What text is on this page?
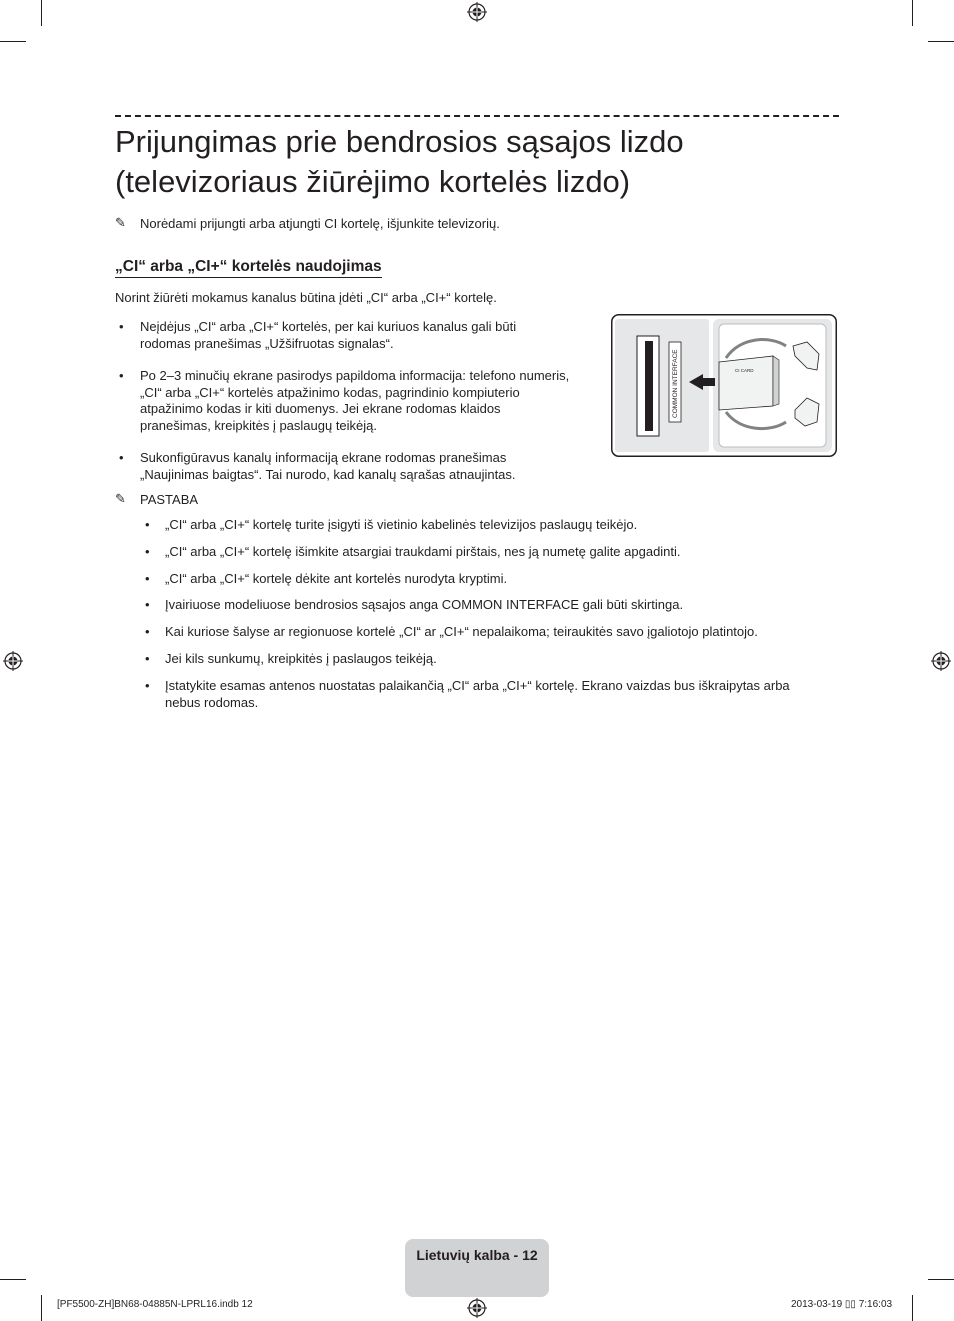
Prijungimas prie bendrosios sąsajos lizdo
(televizoriaus žiūrėjimo kortelės lizdo)
✎ Norėdami prijungti arba atjungti CI kortelę, išjunkite televizorių.
„CI“ arba „CI+“ kortelės naudojimas
Norint žiūrėti mokamus kanalus būtina įdėti „CI“ arba „CI+“ kortelę.
• Neįdėjus „CI“ arba „CI+“ kortelės, per kai kuriuos kanalus gali būti
rodomas pranešimas „Užšifruotas signalas“.
• Po 2–3 minučių ekrane pasirodys papildoma informacija: telefono numeris,
„CI“ arba „CI+“ kortelės atpažinimo kodas, pagrindinio kompiuterio
atpažinimo kodas ir kiti duomenys. Jei ekrane rodomas klaidos
pranešimas, kreipkitės į paslaugų teikėją.
• Sukonfigūravus kanalų informaciją ekrane rodomas pranešimas
„Naujinimas baigtas“. Tai nurodo, kad kanalų sąrašas atnaujintas.
COMMON INTERFACE	CI CARD
✎ PASTABA
• „CI“ arba „CI+“ kortelę turite įsigyti iš vietinio kabelinės televizijos paslaugų teikėjo.
• „CI“ arba „CI+“ kortelę išimkite atsargiai traukdami pirštais, nes ją numetę galite apgadinti.
• „CI“ arba „CI+“ kortelę dėkite ant kortelės nurodyta kryptimi.
• Įvairiuose modeliuose bendrosios sąsajos anga COMMON INTERFACE gali būti skirtinga.
• Kai kuriose šalyse ar regionuose kortelė „CI“ ar „CI+“ nepalaikoma; teiraukitės savo įgaliotojo platintojo.
• Jei kils sunkumų, kreipkitės į paslaugos teikėją.
• Įstatykite esamas antenos nuostatas palaikančią „CI“ arba „CI+“ kortelę. Ekrano vaizdas bus iškraipytas arba
nebus rodomas.
Lietuvių kalba - 12
[PF5500-ZH]BN68-04885N-LPRL16.indb 12	2013-03-19 ▯▯ 7:16:03
